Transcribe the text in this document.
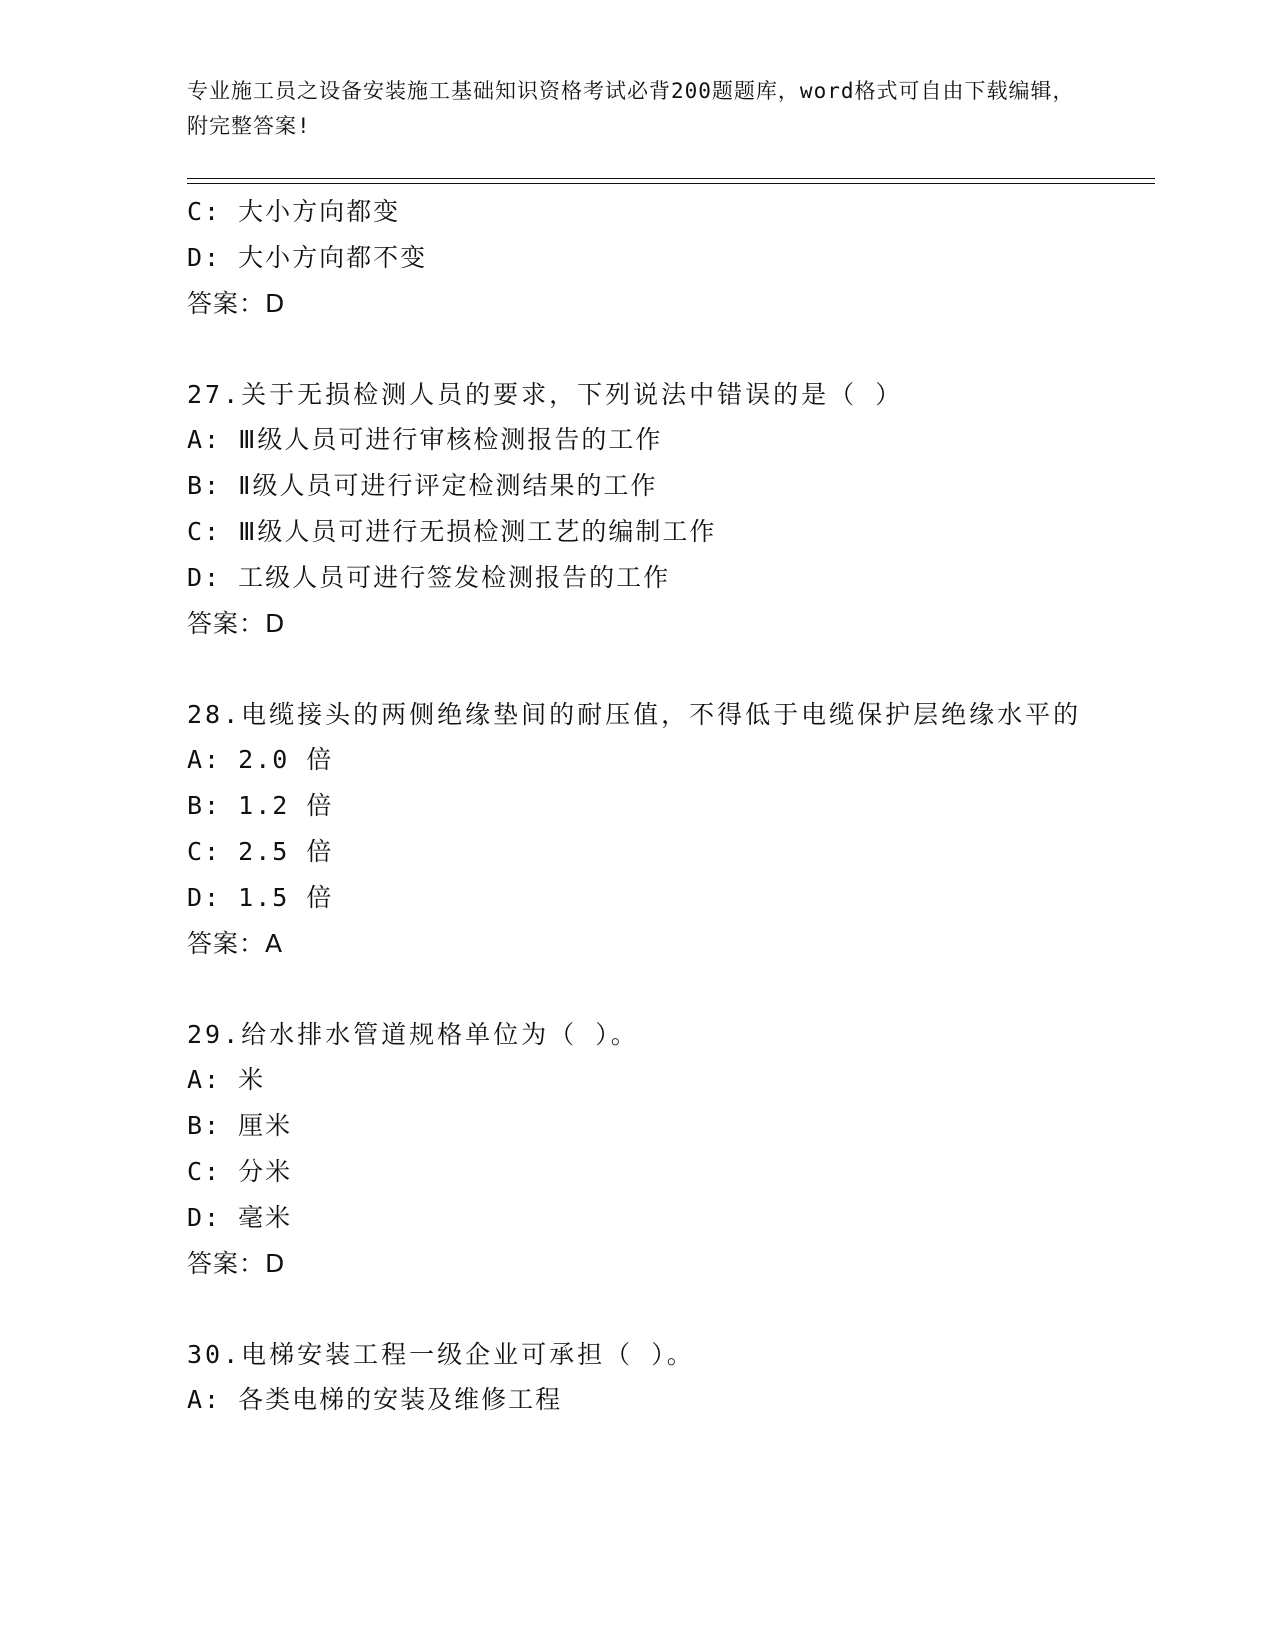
专业施工员之设备安装施工基础知识资格考试必背200题题库，word格式可自由下载编辑，附完整答案!
C: 大小方向都变
D: 大小方向都不变
答案：D
27.关于无损检测人员的要求，下列说法中错误的是（ ）
A: Ⅲ级人员可进行审核检测报告的工作
B: Ⅱ级人员可进行评定检测结果的工作
C: Ⅲ级人员可进行无损检测工艺的编制工作
D: 工级人员可进行签发检测报告的工作
答案：D
28.电缆接头的两侧绝缘垫间的耐压值，不得低于电缆保护层绝缘水平的
A: 2.0 倍
B: 1.2 倍
C: 2.5 倍
D: 1.5 倍
答案：A
29.给水排水管道规格单位为（ ）。
A: 米
B: 厘米
C: 分米
D: 毫米
答案：D
30.电梯安装工程一级企业可承担（ ）。
A: 各类电梯的安装及维修工程
